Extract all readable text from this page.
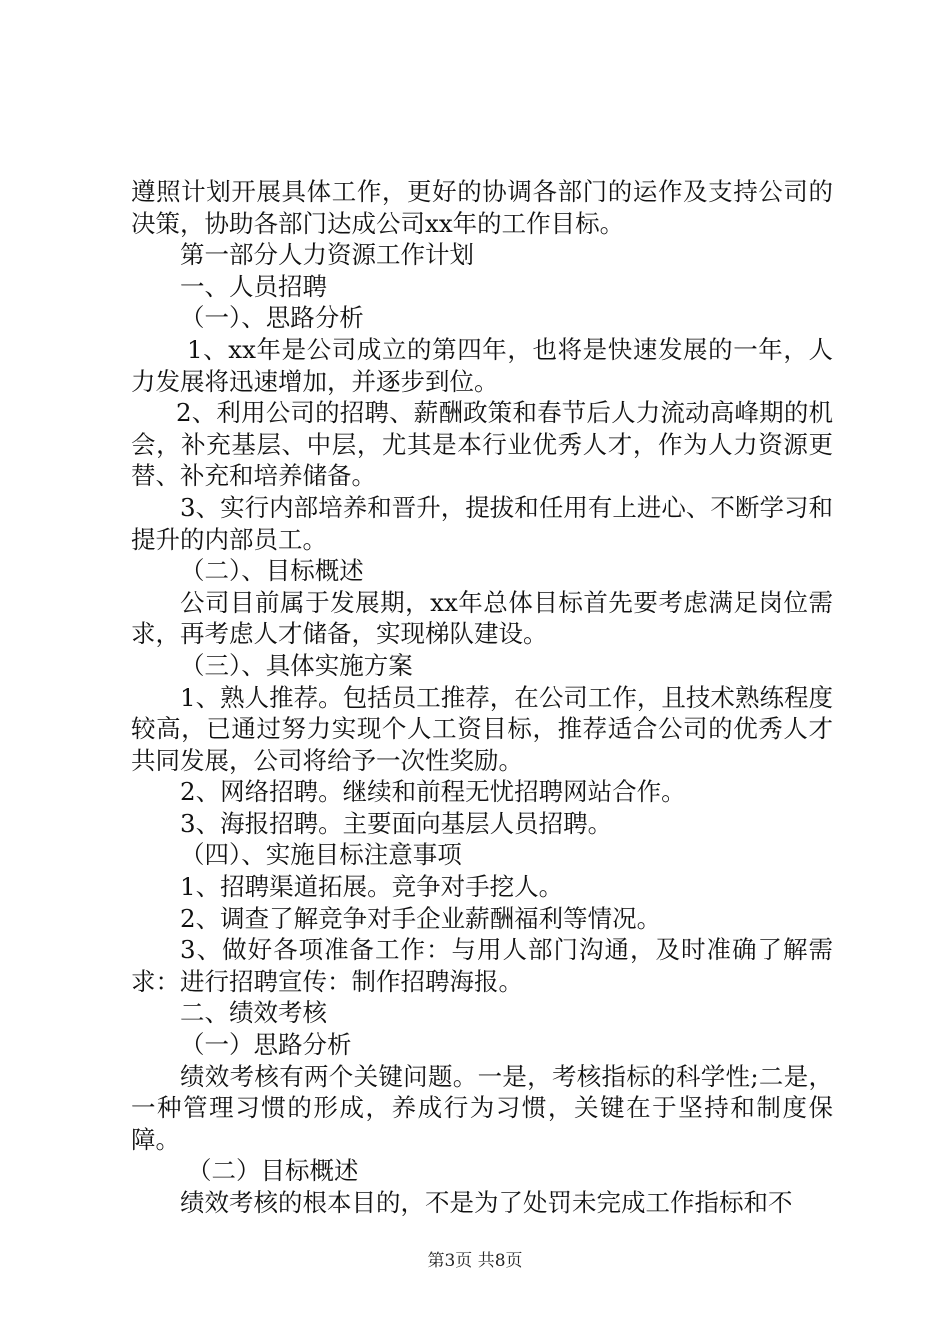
遵照计划开展具体工作，更好的协调各部门的运作及支持公司的决策，协助各部门达成公司xx年的工作目标。

第一部分人力资源工作计划

一、人员招聘

（一）、思路分析

1、xx年是公司成立的第四年，也将是快速发展的一年，人力发展将迅速增加，并逐步到位。

2、利用公司的招聘、薪酬政策和春节后人力流动高峰期的机会，补充基层、中层，尤其是本行业优秀人才，作为人力资源更替、补充和培养储备。

3、实行内部培养和晋升，提拔和任用有上进心、不断学习和提升的内部员工。

（二）、目标概述

公司目前属于发展期，xx年总体目标首先要考虑满足岗位需求，再考虑人才储备，实现梯队建设。

（三）、具体实施方案

1、熟人推荐。包括员工推荐，在公司工作，且技术熟练程度较高，已通过努力实现个人工资目标，推荐适合公司的优秀人才共同发展，公司将给予一次性奖励。

2、网络招聘。继续和前程无忧招聘网站合作。

3、海报招聘。主要面向基层人员招聘。

（四）、实施目标注意事项

1、招聘渠道拓展。竞争对手挖人。

2、调查了解竞争对手企业薪酬福利等情况。

3、做好各项准备工作：与用人部门沟通，及时准确了解需求：进行招聘宣传：制作招聘海报。

二、绩效考核

（一）思路分析

绩效考核有两个关键问题。一是，考核指标的科学性;二是，一种管理习惯的形成，养成行为习惯，关键在于坚持和制度保障。

（二）目标概述

绩效考核的根本目的，不是为了处罚未完成工作指标和不

第3页 共8页
